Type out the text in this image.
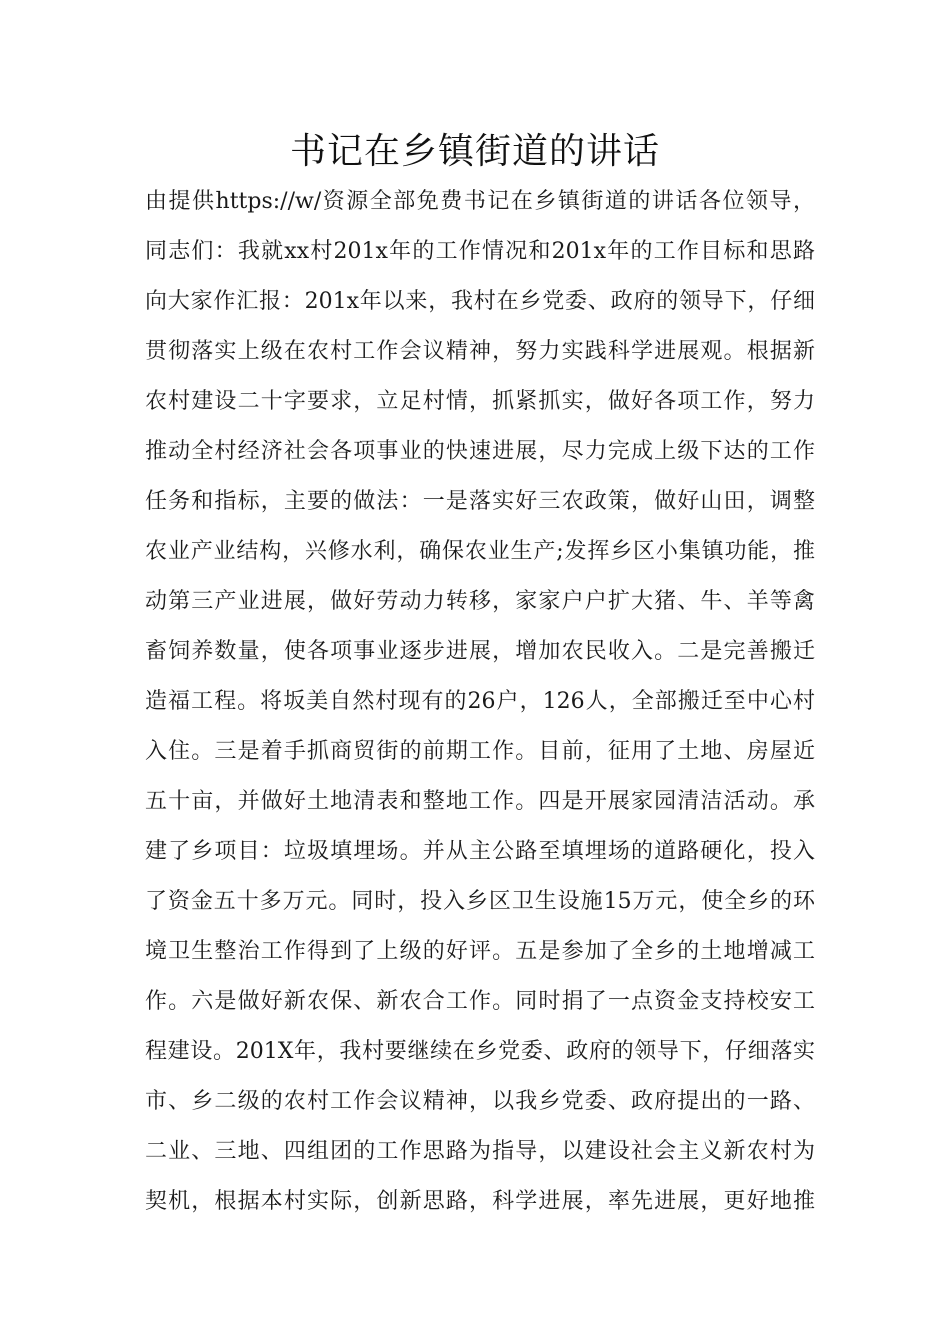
书记在乡镇街道的讲话
由提供https://w/资源全部免费书记在乡镇街道的讲话各位领导，
同志们：我就xx村201x年的工作情况和201x年的工作目标和思路
向大家作汇报：201x年以来，我村在乡党委、政府的领导下，仔细
贯彻落实上级在农村工作会议精神，努力实践科学进展观。根据新
农村建设二十字要求，立足村情，抓紧抓实，做好各项工作，努力
推动全村经济社会各项事业的快速进展，尽力完成上级下达的工作
任务和指标，主要的做法：一是落实好三农政策，做好山田，调整
农业产业结构，兴修水利，确保农业生产;发挥乡区小集镇功能，推
动第三产业进展，做好劳动力转移，家家户户扩大猪、牛、羊等禽
畜饲养数量，使各项事业逐步进展，增加农民收入。二是完善搬迁
造福工程。将坂美自然村现有的26户，126人，全部搬迁至中心村
入住。三是着手抓商贸街的前期工作。目前，征用了土地、房屋近
五十亩，并做好土地清表和整地工作。四是开展家园清洁活动。承
建了乡项目：垃圾填埋场。并从主公路至填埋场的道路硬化，投入
了资金五十多万元。同时，投入乡区卫生设施15万元，使全乡的环
境卫生整治工作得到了上级的好评。五是参加了全乡的土地增减工
作。六是做好新农保、新农合工作。同时捐了一点资金支持校安工
程建设。201X年，我村要继续在乡党委、政府的领导下，仔细落实
市、乡二级的农村工作会议精神，以我乡党委、政府提出的一路、
二业、三地、四组团的工作思路为指导，以建设社会主义新农村为
契机，根据本村实际，创新思路，科学进展，率先进展，更好地推
